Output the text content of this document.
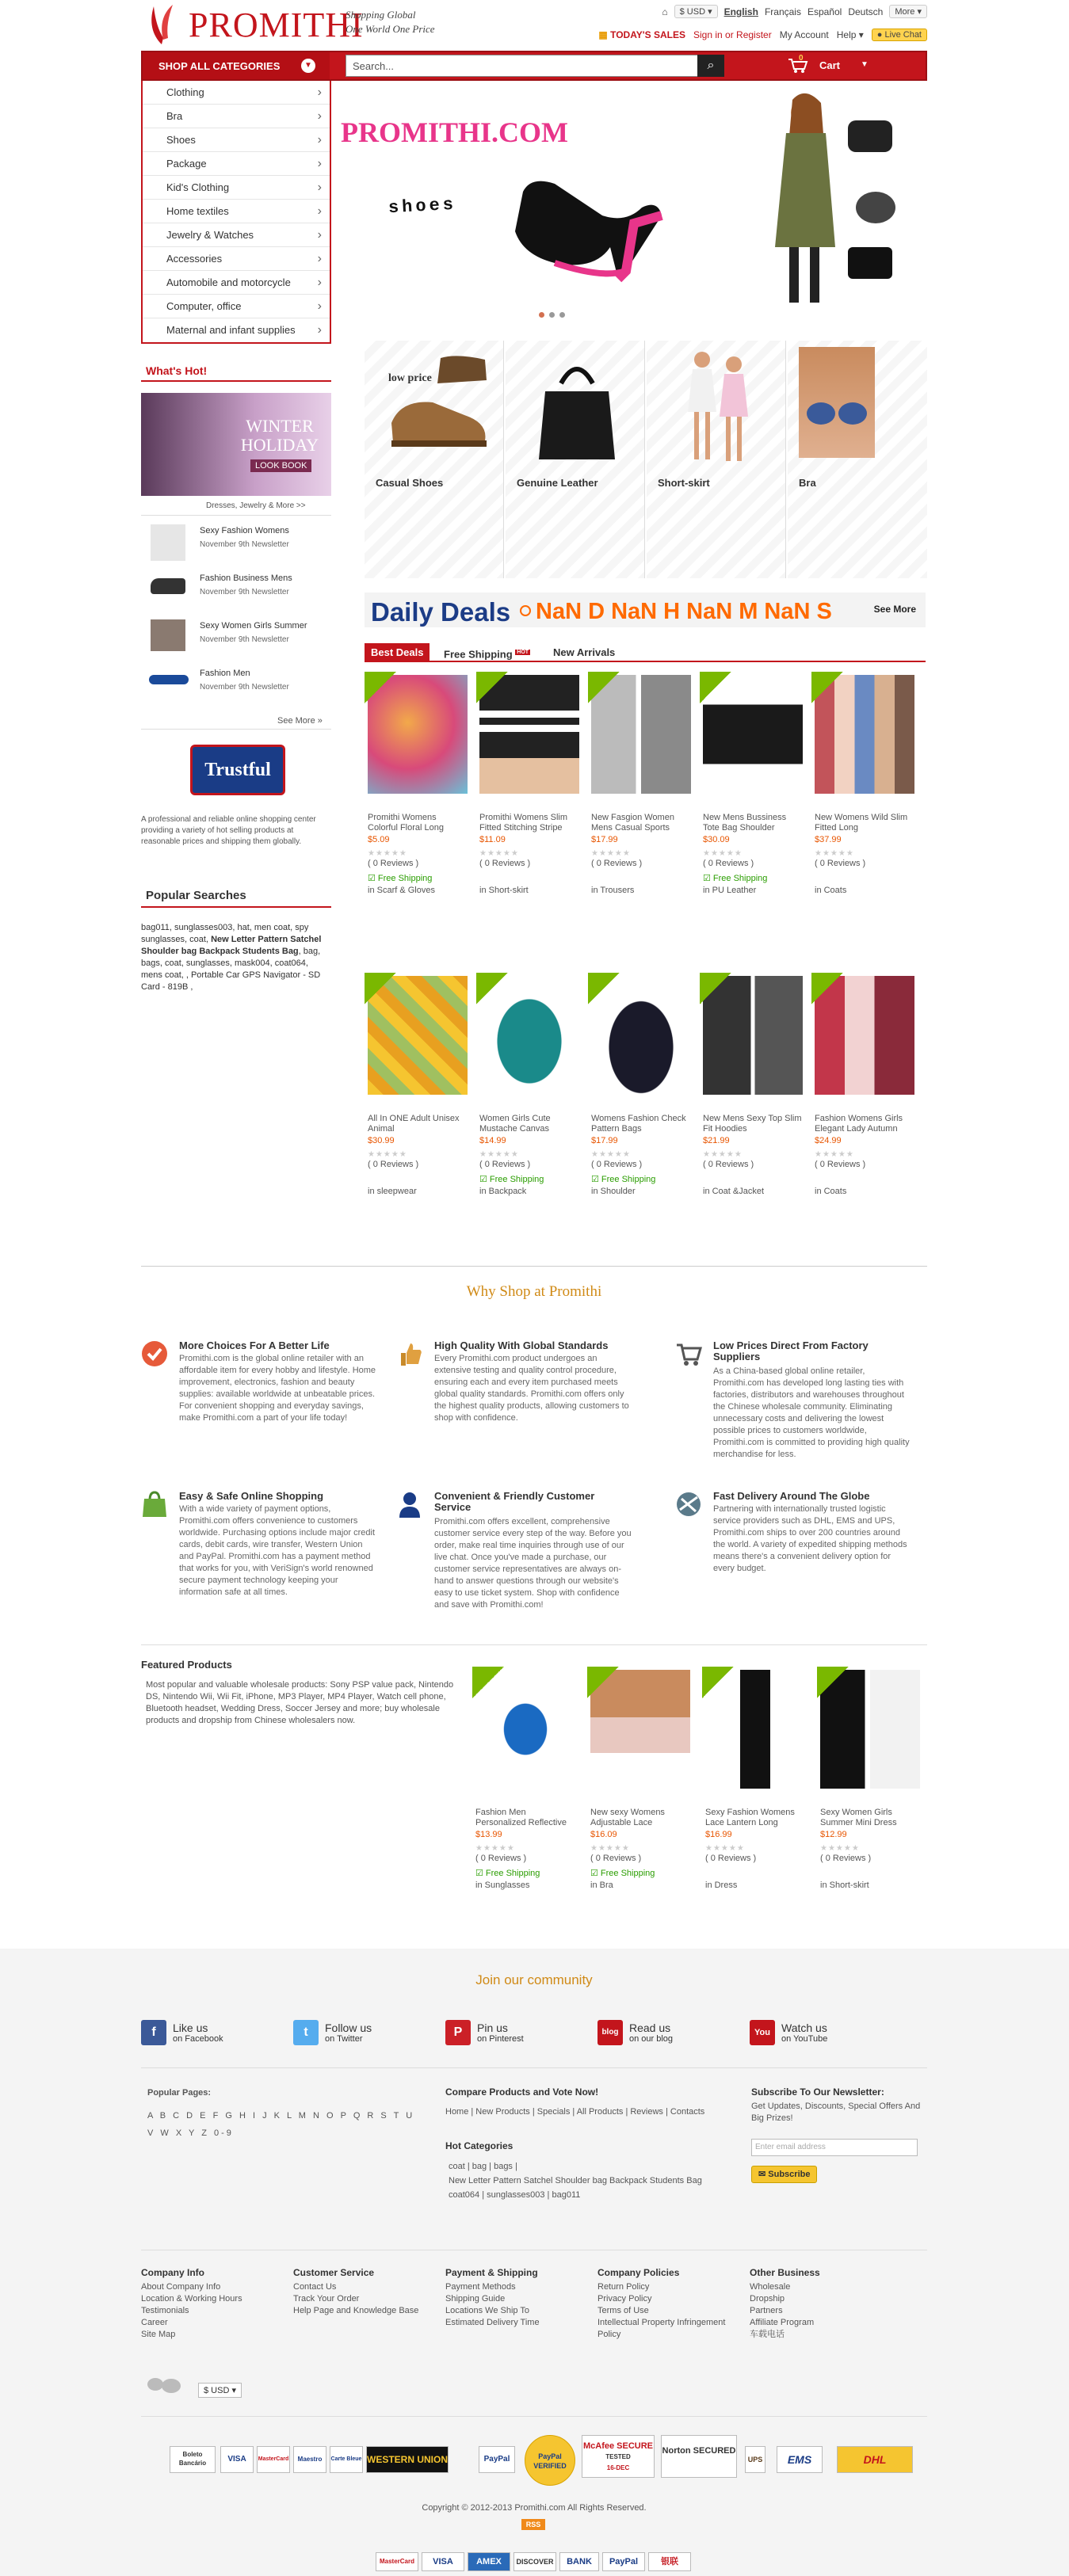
PROMITHI
Shopping Global
One World One Price
⌂	$ USD ▾	English Français Español Deutsch	More ▾
▦ TODAY'S SALES Sign in or Register My Account Help ▾	● Live Chat
SHOP ALL CATEGORIES	▼	Search...	⌕
0
Cart	▼
Clothing ›
Bra ›
Shoes ›
Package ›
Kid's Clothing ›
Home textiles ›
Jewelry & Watches ›
Accessories ›
Automobile and motorcycle ›
Computer, office ›
Maternal and infant supplies ›
PROMITHI.COM
shoes
What's Hot!
WINTER
HOLIDAY
LOOK BOOK
Dresses, Jewelry & More >>
Sexy Fashion Womens
November 9th Newsletter
Fashion Business Mens
November 9th Newsletter
Sexy Women Girls Summer
November 9th Newsletter
Fashion Men
November 9th Newsletter
See More »
Trustful
A professional and reliable online shopping center providing a variety of hot selling products at reasonable prices and shipping them globally.
Popular Searches
bag011, sunglasses003, hat, men coat, spy sunglasses, coat, New Letter Pattern Satchel Shoulder bag Backpack Students Bag, bag, bags, coat, sunglasses, mask004, coat064, mens coat, , Portable Car GPS Navigator - SD Card - 819B ,
low price
Casual Shoes	Genuine Leather	Short-skirt	Bra
Daily Deals NaN D NaN H NaN M NaN S	See More
Best Deals	Free Shipping $^{HOT}$	New Arrivals
Promithi Womens Colorful Floral Long
$5.09
★★★★★
( 0 Reviews )
☑ Free Shipping
in Scarf & Gloves
Promithi Womens Slim Fitted Stitching Stripe
$11.09
★★★★★
( 0 Reviews )
in Short-skirt
New Fasgion Women Mens Casual Sports
$17.99
★★★★★
( 0 Reviews )
in Trousers
New Mens Bussiness Tote Bag Shoulder
$30.09
★★★★★
( 0 Reviews )
☑ Free Shipping
in PU Leather
New Womens Wild Slim Fitted Long
$37.99
★★★★★
( 0 Reviews )
in Coats
All In ONE Adult Unisex Animal
$30.99
★★★★★
( 0 Reviews )
in sleepwear
Women Girls Cute Mustache Canvas
$14.99
★★★★★
( 0 Reviews )
☑ Free Shipping
in Backpack
Womens Fashion Check Pattern Bags
$17.99
★★★★★
( 0 Reviews )
☑ Free Shipping
in Shoulder
New Mens Sexy Top Slim Fit Hoodies
$21.99
★★★★★
( 0 Reviews )
in Coat &Jacket
Fashion Womens Girls Elegant Lady Autumn
$24.99
★★★★★
( 0 Reviews )
in Coats
Why Shop at Promithi
More Choices For A Better Life
Promithi.com is the global online retailer with an affordable item for every hobby and lifestyle. Home improvement, electronics, fashion and beauty supplies: available worldwide at unbeatable prices. For convenient shopping and everyday savings, make Promithi.com a part of your life today!
High Quality With Global Standards
Every Promithi.com product undergoes an extensive testing and quality control procedure, ensuring each and every item purchased meets global quality standards. Promithi.com offers only the highest quality products, allowing customers to shop with confidence.
Low Prices Direct From Factory Suppliers
As a China-based global online retailer, Promithi.com has developed long lasting ties with factories, distributors and warehouses throughout the Chinese wholesale community. Eliminating unnecessary costs and delivering the lowest possible prices to customers worldwide, Promithi.com is committed to providing high quality merchandise for less.
Easy & Safe Online Shopping
With a wide variety of payment options, Promithi.com offers convenience to customers worldwide. Purchasing options include major credit cards, debit cards, wire transfer, Western Union and PayPal. Promithi.com has a payment method that works for you, with VeriSign's world renowned secure payment technology keeping your information safe at all times.
Convenient & Friendly Customer Service
Promithi.com offers excellent, comprehensive customer service every step of the way. Before you order, make real time inquiries through use of our live chat. Once you've made a purchase, our customer service representatives are always on-hand to answer questions through our website's easy to use ticket system. Shop with confidence and save with Promithi.com!
Fast Delivery Around The Globe
Partnering with internationally trusted logistic service providers such as DHL, EMS and UPS, Promithi.com ships to over 200 countries around the world. A variety of expedited shipping methods means there's a convenient delivery option for every budget.
Featured Products
Most popular and valuable wholesale products: Sony PSP value pack, Nintendo DS, Nintendo Wii, Wii Fit, iPhone, MP3 Player, MP4 Player, Watch cell phone, Bluetooth headset, Wedding Dress, Soccer Jersey and more; buy wholesale products and dropship from Chinese wholesalers now.
Fashion Men Personalized Reflective
$13.99
★★★★★
( 0 Reviews )
☑ Free Shipping
in Sunglasses
New sexy Womens Adjustable Lace
$16.09
★★★★★
( 0 Reviews )
☑ Free Shipping
in Bra
Sexy Fashion Womens Lace Lantern Long
$16.99
★★★★★
( 0 Reviews )
in Dress
Sexy Women Girls Summer Mini Dress
$12.99
★★★★★
( 0 Reviews )
in Short-skirt
Join our community
f	Like us
on Facebook	t	Follow us
on Twitter	P	Pin us
on Pinterest
blog Read us
on our blog
You	Watch us
on YouTube
Popular Pages:
A B C D E F G H I J K L M N O P Q R S T U V W X Y Z 0-9
Compare Products and Vote Now!
Home | New Products | Specials | All Products | Reviews | Contacts
Hot Categories
coat | bag | bags |
New Letter Pattern Satchel Shoulder bag Backpack Students Bag
coat064 | sunglasses003 | bag011
Subscribe To Our Newsletter:
Get Updates, Discounts, Special Offers And Big Prizes!
Enter email address
✉ Subscribe
Company Info
About Company Info
Location & Working Hours
Testimonials
Career
Site Map
Customer Service
Contact Us
Track Your Order
Help Page and Knowledge Base
Payment & Shipping
Payment Methods
Shipping Guide
Locations We Ship To
Estimated Delivery Time
Company Policies
Return Policy
Privacy Policy
Terms of Use
Intellectual Property Infringement Policy
Other Business
Wholesale
Dropship
Partners
Affiliate Program
车载电话
$ USD ▾
Boleto Bancário	VISA	MasterCard	Maestro	Carte Bleue WESTERN UNION	PayPal	PayPal VERIFIED
McAfee SECURE
TESTED
16-DEC
Norton SECURED
UPS	EMS	DHL
Copyright © 2012-2013 Promithi.com All Rights Reserved.
RSS
MasterCard	VISA	AMEX	DISCOVER	BANK	PayPal	银联
